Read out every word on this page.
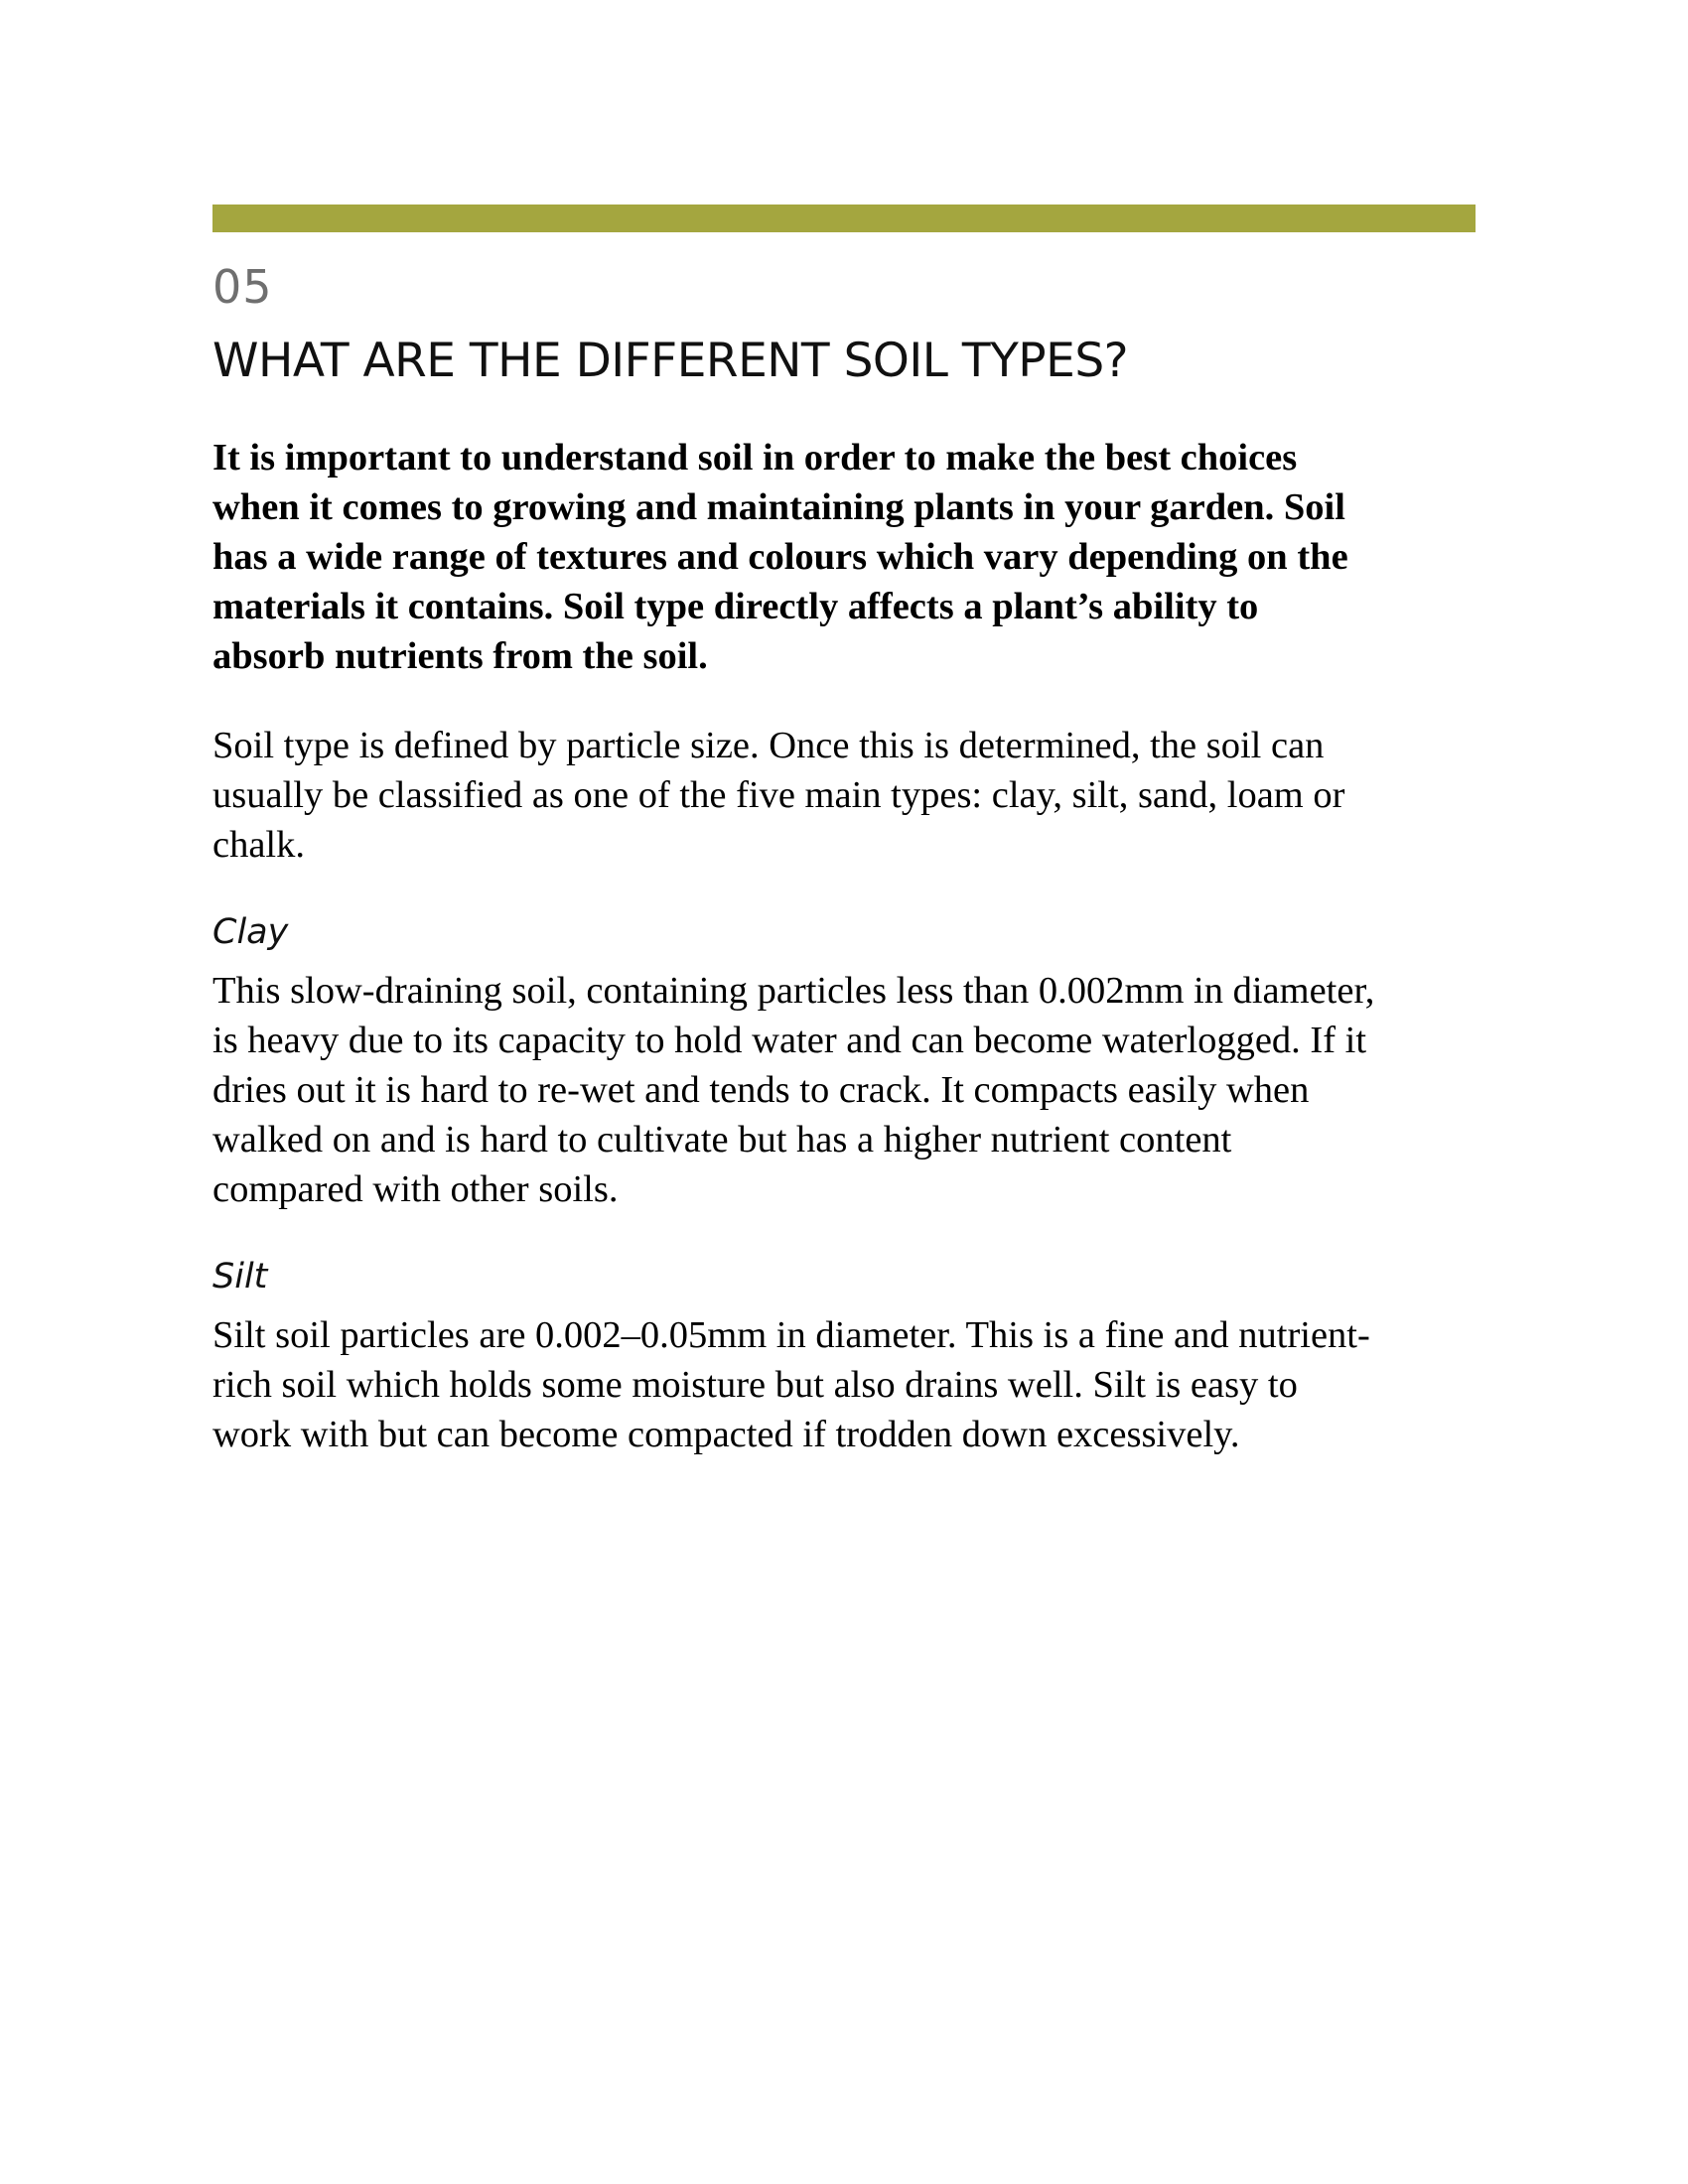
05
WHAT ARE THE DIFFERENT SOIL TYPES?

It is important to understand soil in order to make the best choices
when it comes to growing and maintaining plants in your garden. Soil
has a wide range of textures and colours which vary depending on the
materials it contains. Soil type directly affects a plant’s ability to
absorb nutrients from the soil.

Soil type is defined by particle size. Once this is determined, the soil can
usually be classified as one of the five main types: clay, silt, sand, loam or
chalk.

Clay

This slow-draining soil, containing particles less than 0.002mm in diameter,
is heavy due to its capacity to hold water and can become waterlogged. If it
dries out it is hard to re-wet and tends to crack. It compacts easily when
walked on and is hard to cultivate but has a higher nutrient content
compared with other soils.

Silt

Silt soil particles are 0.002–0.05mm in diameter. This is a fine and nutrient-
rich soil which holds some moisture but also drains well. Silt is easy to
work with but can become compacted if trodden down excessively.
